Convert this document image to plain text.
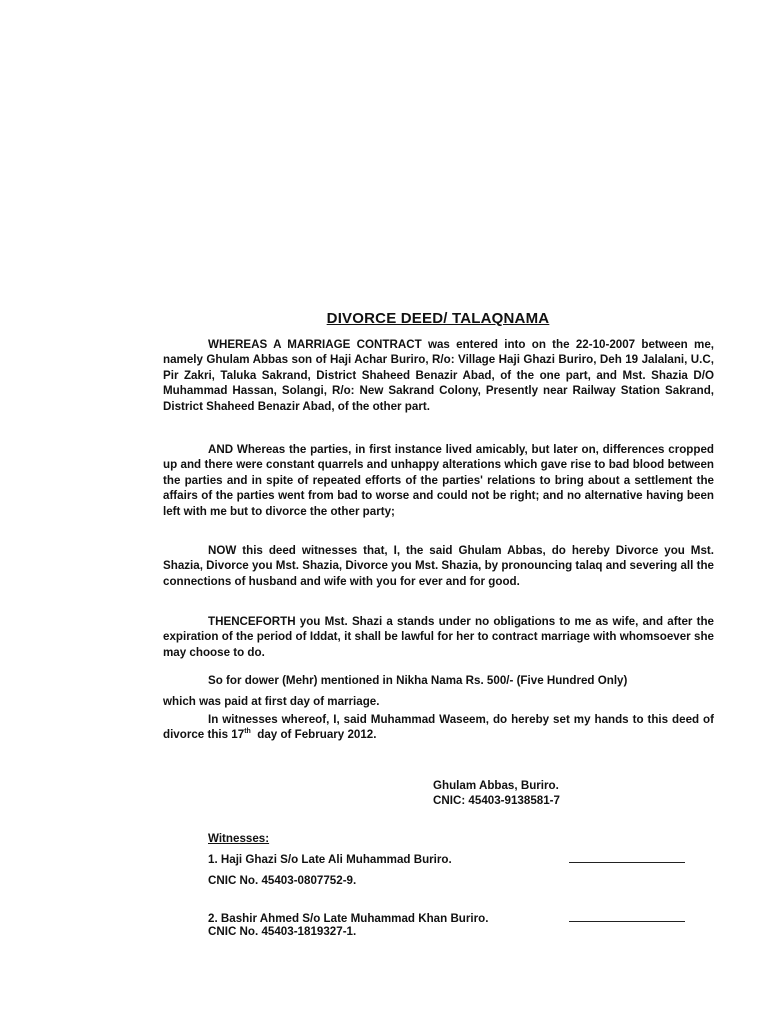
DIVORCE DEED/ TALAQNAMA

WHEREAS A MARRIAGE CONTRACT was entered into on the 22-10-2007 between me, namely Ghulam Abbas son of Haji Achar Buriro, R/o: Village Haji Ghazi Buriro, Deh 19 Jalalani, U.C, Pir Zakri, Taluka Sakrand, District Shaheed Benazir Abad, of the one part, and Mst. Shazia D/O Muhammad Hassan, Solangi, R/o: New Sakrand Colony, Presently near Railway Station Sakrand, District Shaheed Benazir Abad, of the other part.

AND Whereas the parties, in first instance lived amicably, but later on, differences cropped up and there were constant quarrels and unhappy alterations which gave rise to bad blood between the parties and in spite of repeated efforts of the parties' relations to bring about a settlement the affairs of the parties went from bad to worse and could not be right; and no alternative having been left with me but to divorce the other party;

NOW this deed witnesses that, I, the said Ghulam Abbas, do hereby Divorce you Mst. Shazia, Divorce you Mst. Shazia, Divorce you Mst. Shazia, by pronouncing talaq and severing all the connections of husband and wife with you for ever and for good.

THENCEFORTH you Mst. Shazi a stands under no obligations to me as wife, and after the expiration of the period of Iddat, it shall be lawful for her to contract marriage with whomsoever she may choose to do.

So for dower (Mehr) mentioned in Nikha Nama Rs. 500/- (Five Hundred Only)

which was paid at first day of marriage.

In witnesses whereof, I, said Muhammad Waseem, do hereby set my hands to this deed of divorce this 17th  day of February 2012.

Ghulam Abbas, Buriro.
CNIC: 45403-9138581-7
Witnesses:
1. Haji Ghazi S/o Late Ali Muhammad Buriro.
CNIC No. 45403-0807752-9.
2. Bashir Ahmed S/o Late Muhammad Khan Buriro.
CNIC No. 45403-1819327-1.
